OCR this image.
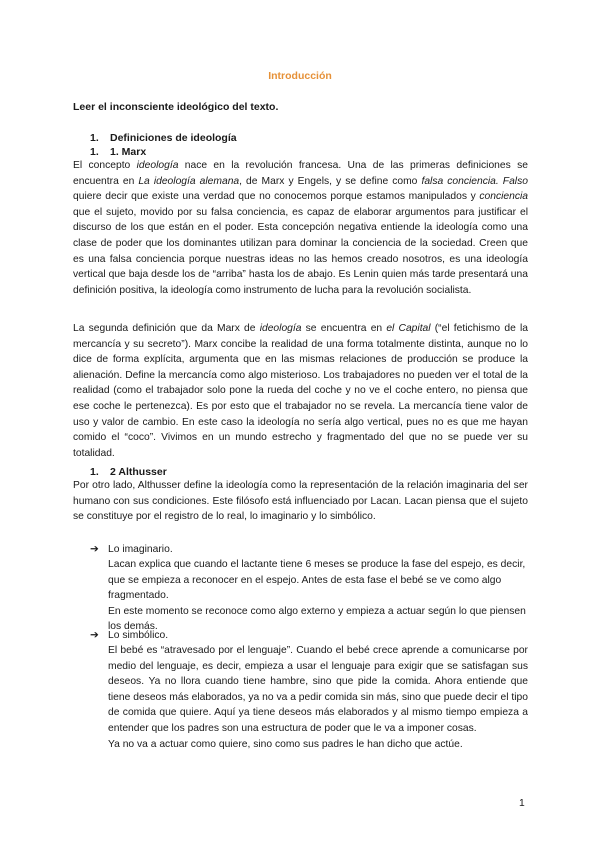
Introducción
Leer el inconsciente ideológico del texto.
1. Definiciones de ideología
1. 1. Marx

El concepto ideología nace en la revolución francesa. Una de las primeras definiciones se encuentra en La ideología alemana, de Marx y Engels, y se define como falsa conciencia. Falso quiere decir que existe una verdad que no conocemos porque estamos manipulados y conciencia que el sujeto, movido por su falsa conciencia, es capaz de elaborar argumentos para justificar el discurso de los que están en el poder. Esta concepción negativa entiende la ideología como una clase de poder que los dominantes utilizan para dominar la conciencia de la sociedad. Creen que es una falsa conciencia porque nuestras ideas no las hemos creado nosotros, es una ideología vertical que baja desde los de “arriba” hasta los de abajo. Es Lenin quien más tarde presentará una definición positiva, la ideología como instrumento de lucha para la revolución socialista.

La segunda definición que da Marx de ideología se encuentra en el Capital (“el fetichismo de la mercancía y su secreto”). Marx concibe la realidad de una forma totalmente distinta, aunque no lo dice de forma explícita, argumenta que en las mismas relaciones de producción se produce la alienación. Define la mercancía como algo misterioso. Los trabajadores no pueden ver el total de la realidad (como el trabajador solo pone la rueda del coche y no ve el coche entero, no piensa que ese coche le pertenezca). Es por esto que el trabajador no se revela. La mercancía tiene valor de uso y valor de cambio. En este caso la ideología no sería algo vertical, pues no es que me hayan comido el “coco”. Vivimos en un mundo estrecho y fragmentado del que no se puede ver su totalidad.

1. 2 Althusser
Por otro lado, Althusser define la ideología como la representación de la relación imaginaria del ser humano con sus condiciones. Este filósofo está influenciado por Lacan. Lacan piensa que el sujeto se constituye por el registro de lo real, lo imaginario y lo simbólico.
➔ Lo imaginario.

Lacan explica que cuando el lactante tiene 6 meses se produce la fase del espejo, es decir, que se empieza a reconocer en el espejo. Antes de esta fase el bebé se ve como algo fragmentado.

En este momento se reconoce como algo externo y empieza a actuar según lo que piensen los demás.

➔ Lo simbólico.

El bebé es “atravesado por el lenguaje”. Cuando el bebé crece aprende a comunicarse por medio del lenguaje, es decir, empieza a usar el lenguaje para exigir que se satisfagan sus deseos. Ya no llora cuando tiene hambre, sino que pide la comida. Ahora entiende que tiene deseos más elaborados, ya no va a pedir comida sin más, sino que puede decir el tipo de comida que quiere. Aquí ya tiene deseos más elaborados y al mismo tiempo empieza a entender que los padres son una estructura de poder que le va a imponer cosas.

Ya no va a actuar como quiere, sino como sus padres le han dicho que actúe.

1
